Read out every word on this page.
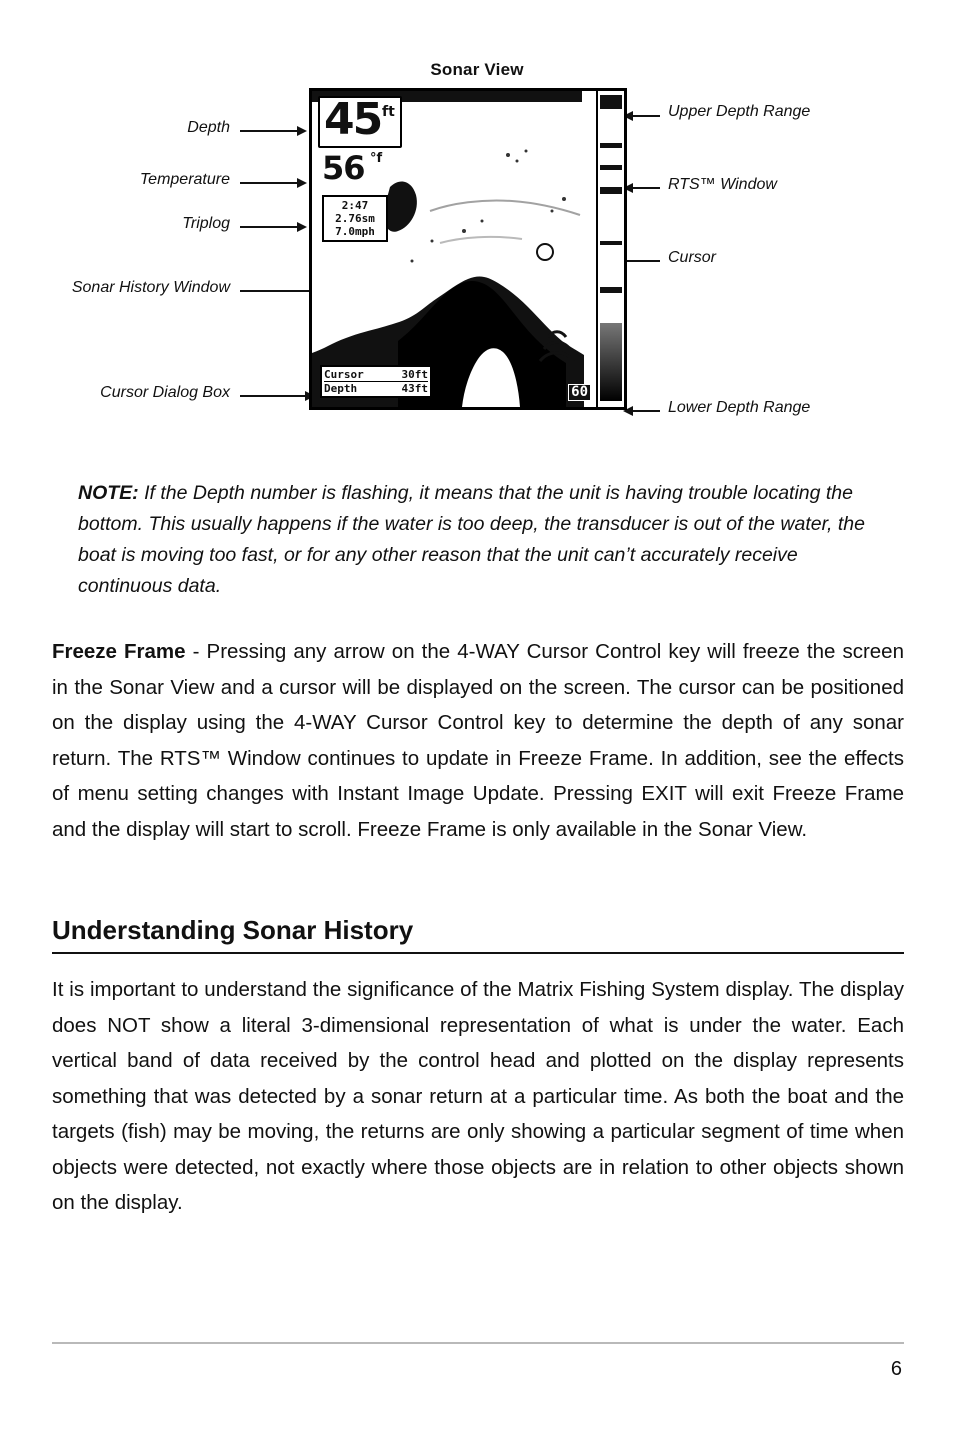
Sonar View
Depth
Temperature
Triplog
Sonar History Window
Cursor Dialog Box
Upper Depth Range
RTS™ Window
Cursor
Lower Depth Range
45 ft
56 °f
2:47
2.76sm
7.0mph
Cursor	30ft
Depth	43ft	60
NOTE: If the Depth number is flashing, it means that the unit is having trouble locating the bottom. This usually happens if the water is too deep, the transducer is out of the water, the boat is moving too fast, or for any other reason that the unit can’t accurately receive continuous data.
Freeze Frame - Pressing any arrow on the 4-WAY Cursor Control key will freeze the screen in the Sonar View and a cursor will be displayed on the screen. The cursor can be positioned on the display using the 4-WAY Cursor Control key to determine the depth of any sonar return. The RTS™ Window continues to update in Freeze Frame. In addition, see the effects of menu setting changes with Instant Image Update. Pressing EXIT will exit Freeze Frame and the display will start to scroll. Freeze Frame is only available in the Sonar View.
Understanding Sonar History
It is important to understand the significance of the Matrix Fishing System display. The display does NOT show a literal 3-dimensional representation of what is under the water. Each vertical band of data received by the control head and plotted on the display represents something that was detected by a sonar return at a particular time. As both the boat and the targets (fish) may be moving, the returns are only showing a particular segment of time when objects were detected, not exactly where those objects are in relation to other objects shown on the display.
6
